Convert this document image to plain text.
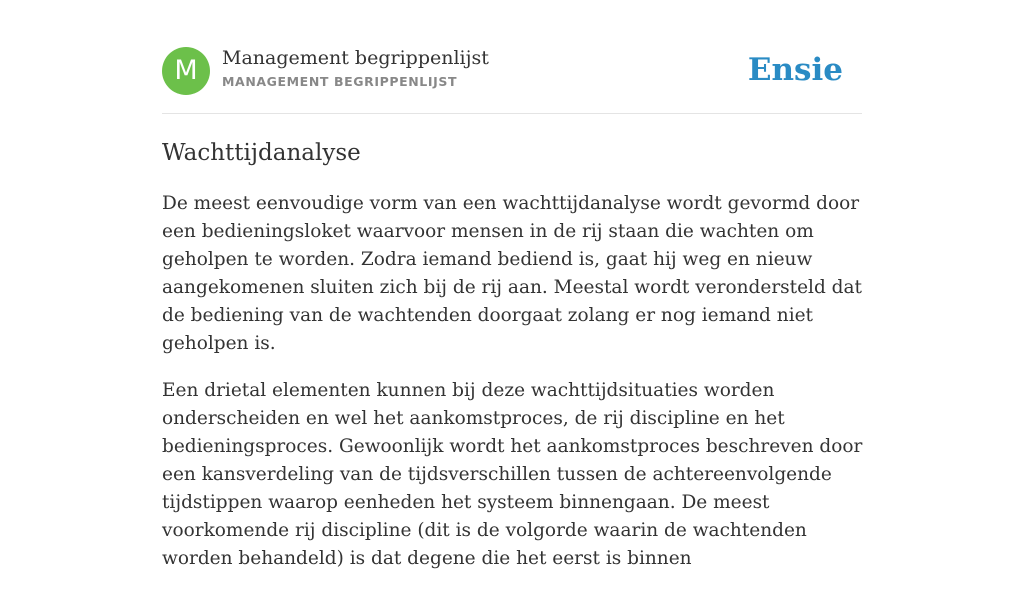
M	Management begrippenlijst
MANAGEMENT BEGRIPPENLIJST	Ensie
Wachttijdanalyse

De meest eenvoudige vorm van een wachttijdanalyse wordt gevormd door een bedieningsloket waarvoor mensen in de rij staan die wachten om geholpen te worden. Zodra iemand bediend is, gaat hij weg en nieuw aangekomenen sluiten zich bij de rij aan. Meestal wordt verondersteld dat de bediening van de wachtenden doorgaat zolang er nog iemand niet geholpen is.

Een drietal elementen kunnen bij deze wachttijdsituaties worden onderscheiden en wel het aankomstproces, de rij discipline en het bedieningsproces. Gewoonlijk wordt het aankomstproces beschreven door een kansverdeling van de tijdsverschillen tussen de achtereenvolgende tijdstippen waarop eenheden het systeem binnengaan. De meest voorkomende rij discipline (dit is de volgorde waarin de wachtenden worden behandeld) is dat degene die het eerst is binnen
